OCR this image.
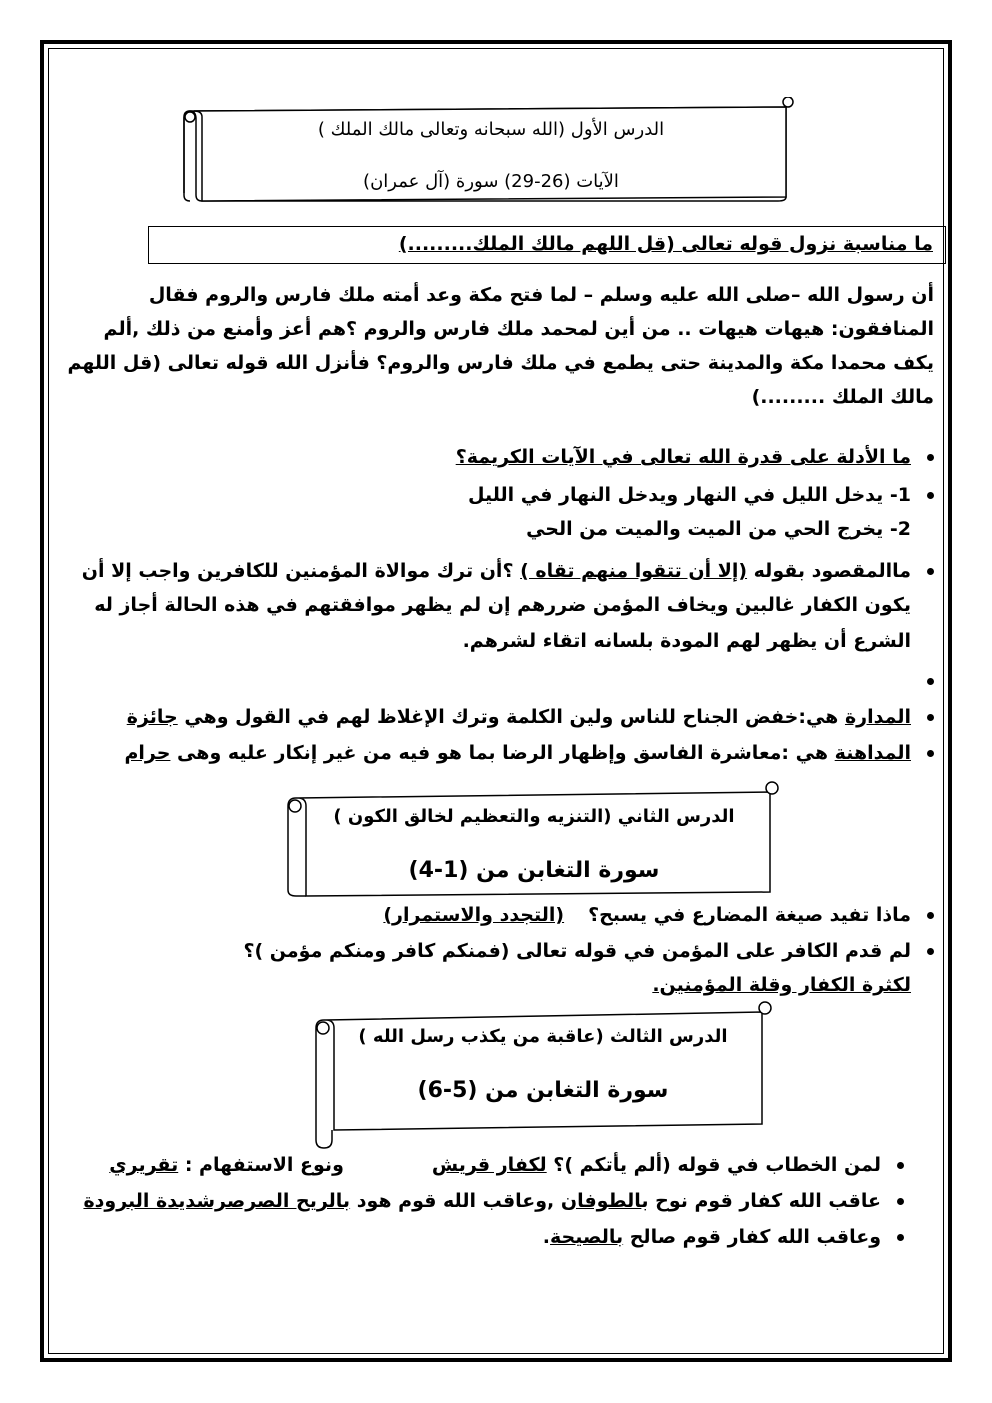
الدرس الأول (الله سبحانه وتعالى مالك الملك )
الآيات (26-29) سورة (آل عمران)
ما مناسبة نزول قوله تعالى (قل اللهم مالك الملك.........)
أن رسول الله –صلى الله عليه وسلم – لما فتح مكة وعد أمته ملك فارس والروم فقال
المنافقون: هيهات هيهات .. من أين لمحمد ملك فارس والروم ؟هم أعز وأمنع من ذلك ,ألم
يكف محمدا مكة والمدينة حتى يطمع في ملك فارس والروم؟ فأنزل الله قوله تعالى (قل اللهم
مالك الملك .........)
ما الأدلة على قدرة الله تعالى في الآيات الكريمة؟
1- يدخل الليل في النهار ويدخل النهار في الليل
2- يخرج الحي من الميت والميت من الحي
ماالمقصود بقوله (إلا أن تتقوا منهم تقاه ) ؟أن ترك موالاة المؤمنين للكافرين واجب إلا أن
يكون الكفار غالبين ويخاف المؤمن ضررهم إن لم يظهر موافقتهم في هذه الحالة أجاز له
الشرع أن يظهر لهم المودة بلسانه اتقاء لشرهم.
المدارة هي:خفض الجناح للناس ولين الكلمة وترك الإغلاظ لهم في القول وهي جائزة
المداهنة هي :معاشرة الفاسق وإظهار الرضا بما هو فيه من غير إنكار عليه وهى حرام
الدرس الثاني (التنزيه والتعظيم لخالق الكون )
سورة التغابن من (1-4)
ماذا تفيد صيغة المضارع في يسبح؟(التجدد والاستمرار)
لم قدم الكافر على المؤمن في قوله تعالى (فمنكم كافر ومنكم مؤمن )؟
لكثرة الكفار وقلة المؤمنين.
الدرس الثالث (عاقبة من يكذب رسل الله )
سورة التغابن من (5-6)
لمن الخطاب في قوله (ألم يأتكم )؟ لكفار قريشونوع الاستفهام : تقريري
عاقب الله كفار قوم نوح بالطوفان ,وعاقب الله قوم هود بالريح الصرصرشديدة البرودة
وعاقب الله كفار قوم صالح بالصيحة.
